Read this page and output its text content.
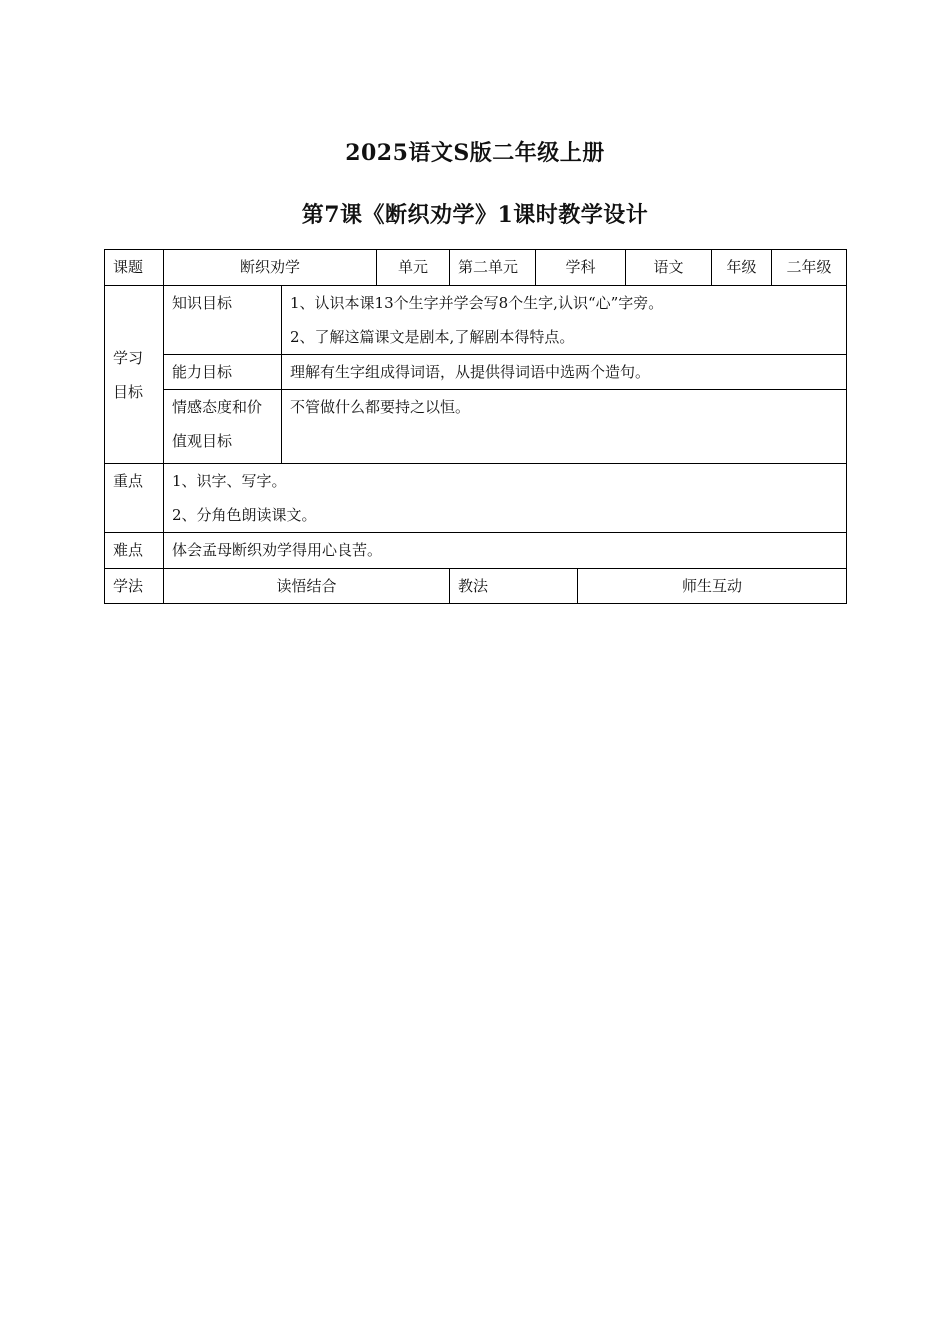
2025语文S版二年级上册
第7课《断织劝学》1课时教学设计
课题	断织劝学		单元	第二单元	学科		语文	年级	二年级

学习
目标	知识目标	1、认识本课13个生字并学会写8个生字,认识“心”字旁。
2、了解这篇课文是剧本,了解剧本得特点。							

	能力目标	理解有生字组成得词语，从提供得词语中选两个造句。							

	情感态度和价
值观目标	不管做什么都要持之以恒。							
重点	1、识字、写字。
2、分角色朗读课文。								

难点	体会孟母断织劝学得用心良苦。								
学法	读悟结合			教法		师生互动			
